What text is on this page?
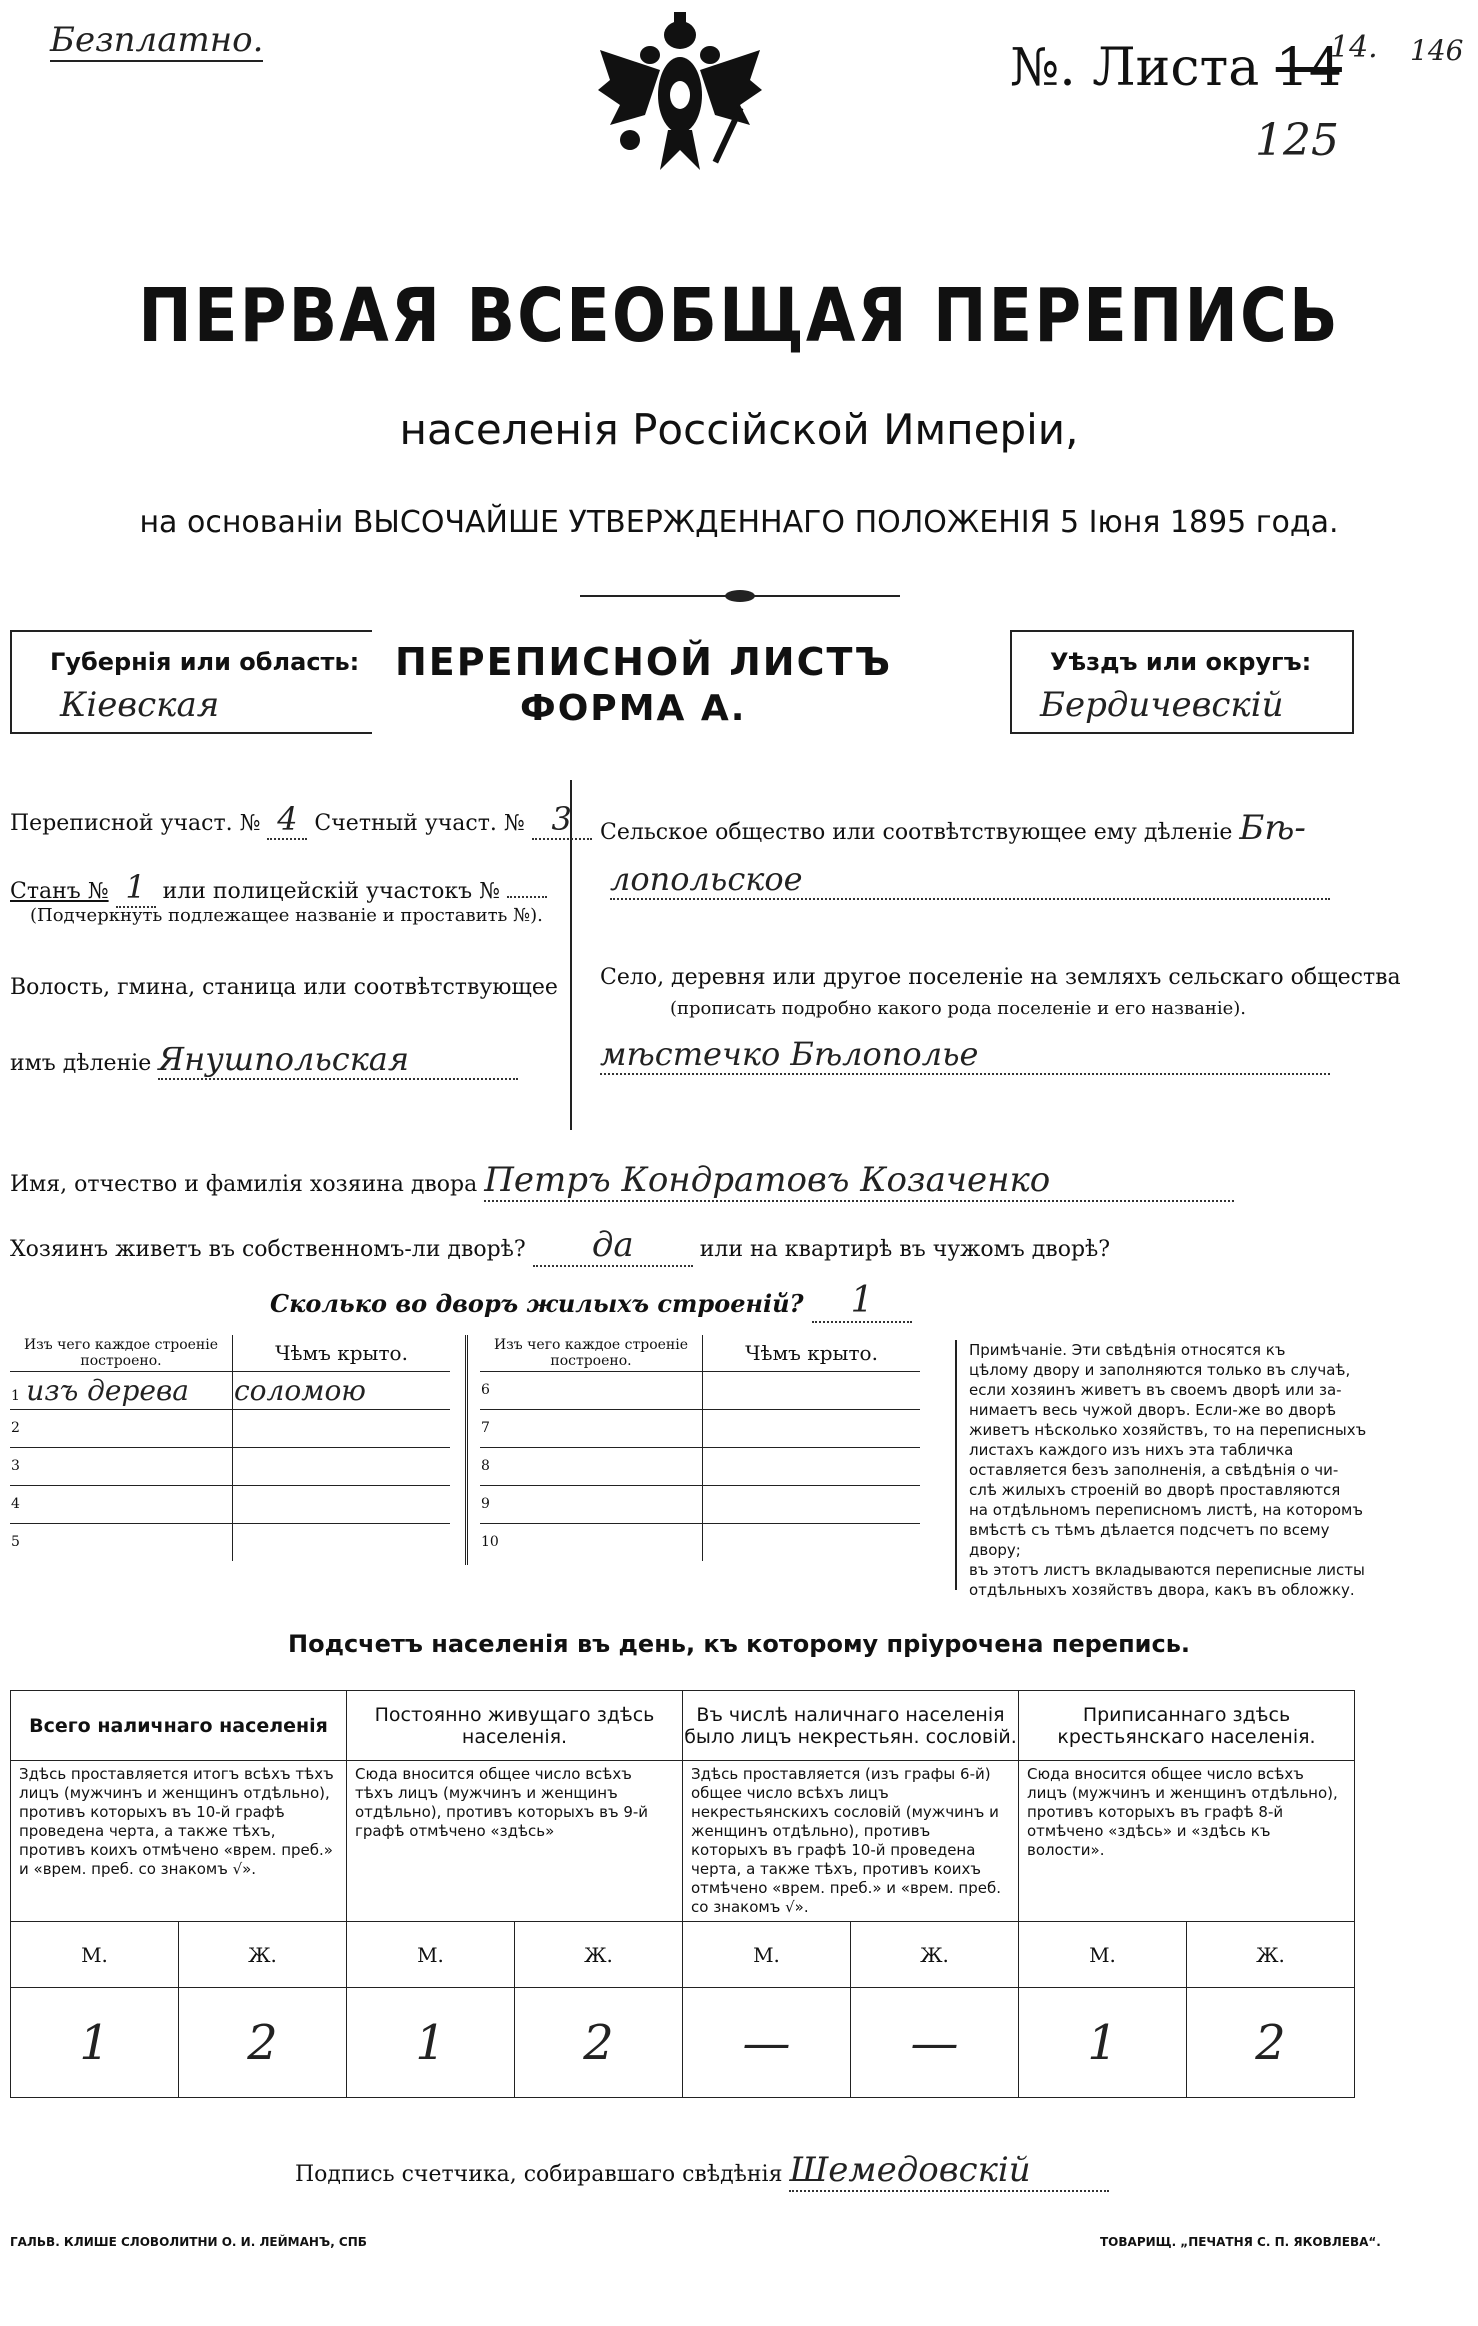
Безплатно.	№. Листа 14
14. 146
125
ПЕРВАЯ ВСЕОБЩАЯ ПЕРЕПИСЬ
населенія Россійской Имперіи,
на основаніи ВЫСОЧАЙШЕ УТВЕРЖДЕННАГО ПОЛОЖЕНІЯ 5 Іюня 1895 года.
Губернія или область:
Кіевская
ПЕРЕПИСНОЙ ЛИСТЪ
ФОРМА А.
Уѣздъ или округъ:
Бердичевскій
Переписной участ. № 4 Счетный участ. № 3
Станъ № 1 или полицейскій участокъ №
(Подчеркнуть подлежащее названіе и проставить №).
Волость, гмина, станица или соотвѣтствующее
имъ дѣленіе Янушпольская
Сельское общество или соотвѣтствующее ему дѣленіе Бѣ-
лопольское
Село, деревня или другое поселеніе на земляхъ сельскаго общества
(прописать подробно какого рода поселеніе и его названіе).
мѣстечко Бѣлополье
Имя, отчество и фамилія хозяина двора Петръ Кондратовъ Козаченко
Хозяинъ живетъ въ собственномъ-ли дворѣ? да	или на квартирѣ въ чужомъ дворѣ?
Сколько во дворъ жилыхъ строеній? 1
Изъ чего каждое строеніе построено.	Чѣмъ крыто.
1 изъ дерева	соломою
2	
3	
4	
5	
Изъ чего каждое строеніе построено.	Чѣмъ крыто.
6	
7	
8	
9	
10	
Примѣчаніе. Эти свѣдѣнія относятся къ
цѣлому двору и заполняются только въ случаѣ,
если хозяинъ живетъ въ своемъ дворѣ или за-
нимаетъ весь чужой дворъ. Если-же во дворѣ
живетъ нѣсколько хозяйствъ, то на переписныхъ
листахъ каждого изъ нихъ эта табличка
оставляется безъ заполненія, а свѣдѣнія о чи-
слѣ жилыхъ строеній во дворѣ проставляются
на отдѣльномъ переписномъ листѣ, на которомъ
вмѣстѣ съ тѣмъ дѣлается подсчетъ по всему двору;
въ этотъ листъ вкладываются переписные листы
отдѣльныхъ хозяйствъ двора, какъ въ обложку.
Подсчетъ населенія въ день, къ которому пріурочена перепись.
Всего наличнаго населенія		Постоянно живущаго здѣсь населенія.		Въ числѣ наличнаго населенія было лицъ некрестьян. сословій.		Приписаннаго здѣсь крестьянскаго населенія.	
Здѣсь проставляется итогъ всѣхъ тѣхъ лицъ (мужчинъ и женщинъ отдѣльно), противъ которыхъ въ 10-й графѣ проведена черта, а также тѣхъ, противъ коихъ отмѣчено «врем. преб.» и «врем. преб. со знакомъ √».		Сюда вносится общее число всѣхъ тѣхъ лицъ (мужчинъ и женщинъ отдѣльно), противъ которыхъ въ 9-й графѣ отмѣчено «здѣсь»		Здѣсь проставляется (изъ графы 6-й) общее число всѣхъ лицъ некрестьянскихъ сословій (мужчинъ и женщинъ отдѣльно), противъ которыхъ въ графѣ 10-й проведена черта, а также тѣхъ, противъ коихъ отмѣчено «врем. преб.» и «врем. преб. со знакомъ √».		Сюда вносится общее число всѣхъ лицъ (мужчинъ и женщинъ отдѣльно), противъ которыхъ въ графѣ 8-й отмѣчено «здѣсь» и «здѣсь къ волости».	
М.	Ж.	М.	Ж.	М.	Ж.	М.	Ж.
1	2	1	2	—	—	1	2
Подпись счетчика, собиравшаго свѣдѣнія Шемедовскій
ГАЛЬВ. КЛИШЕ СЛОВОЛИТНИ О. И. ЛЕЙМАНЪ, СПБ	ТОВАРИЩ. „ПЕЧАТНЯ С. П. ЯКОВЛЕВА“.
